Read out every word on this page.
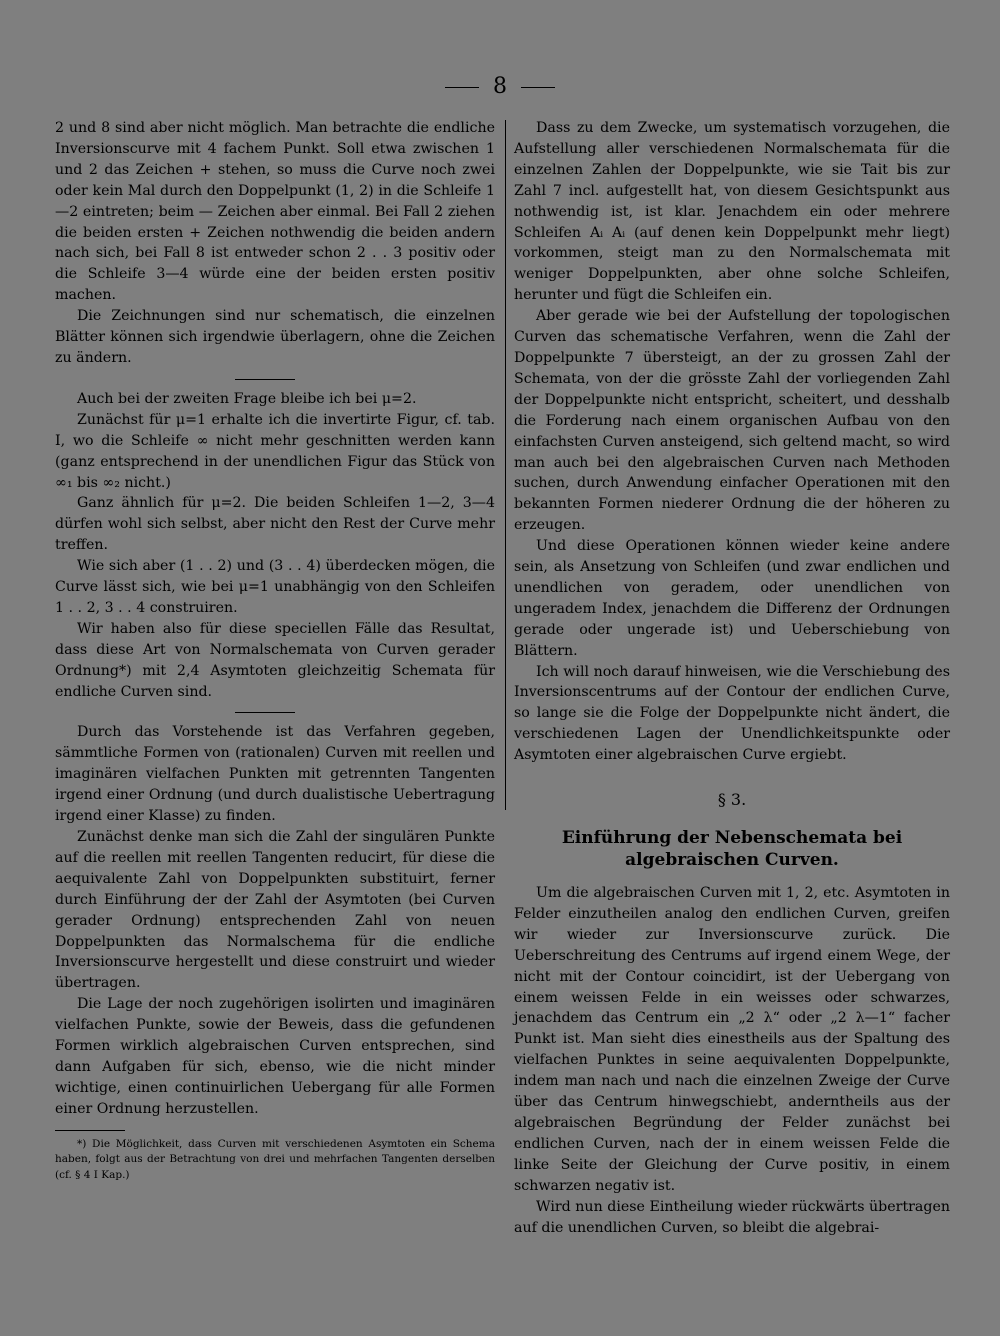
8

2 und 8 sind aber nicht möglich. Man betrachte die endliche Inversionscurve mit 4 fachem Punkt. Soll etwa zwischen 1 und 2 das Zeichen + stehen, so muss die Curve noch zwei oder kein Mal durch den Doppelpunkt (1, 2) in die Schleife 1—2 eintreten; beim — Zeichen aber einmal. Bei Fall 2 ziehen die beiden ersten + Zeichen nothwendig die beiden andern nach sich, bei Fall 8 ist entweder schon 2 . . 3 positiv oder die Schleife 3—4 würde eine der beiden ersten positiv machen.

Die Zeichnungen sind nur schematisch, die einzelnen Blätter können sich irgendwie überlagern, ohne die Zeichen zu ändern.

Auch bei der zweiten Frage bleibe ich bei μ=2.

Zunächst für μ=1 erhalte ich die invertirte Figur, cf. tab. I, wo die Schleife ∞ nicht mehr geschnitten werden kann (ganz entsprechend in der unendlichen Figur das Stück von ∞₁ bis ∞₂ nicht.)

Ganz ähnlich für μ=2. Die beiden Schleifen 1—2, 3—4 dürfen wohl sich selbst, aber nicht den Rest der Curve mehr treffen.

Wie sich aber (1 . . 2) und (3 . . 4) überdecken mögen, die Curve lässt sich, wie bei μ=1 unabhängig von den Schleifen 1 . . 2, 3 . . 4 construiren.

Wir haben also für diese speciellen Fälle das Resultat, dass diese Art von Normalschemata von Curven gerader Ordnung*) mit 2,4 Asymtoten gleichzeitig Schemata für endliche Curven sind.

Durch das Vorstehende ist das Verfahren gegeben, sämmtliche Formen von (rationalen) Curven mit reellen und imaginären vielfachen Punkten mit getrennten Tangenten irgend einer Ordnung (und durch dualistische Uebertragung irgend einer Klasse) zu finden.

Zunächst denke man sich die Zahl der singulären Punkte auf die reellen mit reellen Tangenten reducirt, für diese die aequivalente Zahl von Doppelpunkten substituirt, ferner durch Einführung der der Zahl der Asymtoten (bei Curven gerader Ordnung) entsprechenden Zahl von neuen Doppelpunkten das Normalschema für die endliche Inversionscurve hergestellt und diese construirt und wieder übertragen.

Die Lage der noch zugehörigen isolirten und imaginären vielfachen Punkte, sowie der Beweis, dass die gefundenen Formen wirklich algebraischen Curven entsprechen, sind dann Aufgaben für sich, ebenso, wie die nicht minder wichtige, einen continuirlichen Uebergang für alle Formen einer Ordnung herzustellen.

*) Die Möglichkeit, dass Curven mit verschiedenen Asymtoten ein Schema haben, folgt aus der Betrachtung von drei und mehrfachen Tangenten derselben (cf. § 4 I Kap.)

Dass zu dem Zwecke, um systematisch vorzugehen, die Aufstellung aller verschiedenen Normalschemata für die einzelnen Zahlen der Doppelpunkte, wie sie Tait bis zur Zahl 7 incl. aufgestellt hat, von diesem Gesichtspunkt aus nothwendig ist, ist klar. Jenachdem ein oder mehrere Schleifen Aᵢ Aᵢ (auf denen kein Doppelpunkt mehr liegt) vorkommen, steigt man zu den Normalschemata mit weniger Doppelpunkten, aber ohne solche Schleifen, herunter und fügt die Schleifen ein.

Aber gerade wie bei der Aufstellung der topologischen Curven das schematische Verfahren, wenn die Zahl der Doppelpunkte 7 übersteigt, an der zu grossen Zahl der Schemata, von der die grösste Zahl der vorliegenden Zahl der Doppelpunkte nicht entspricht, scheitert, und desshalb die Forderung nach einem organischen Aufbau von den einfachsten Curven ansteigend, sich geltend macht, so wird man auch bei den algebraischen Curven nach Methoden suchen, durch Anwendung einfacher Operationen mit den bekannten Formen niederer Ordnung die der höheren zu erzeugen.

Und diese Operationen können wieder keine andere sein, als Ansetzung von Schleifen (und zwar endlichen und unendlichen von geradem, oder unendlichen von ungeradem Index, jenachdem die Differenz der Ordnungen gerade oder ungerade ist) und Ueberschiebung von Blättern.

Ich will noch darauf hinweisen, wie die Verschiebung des Inversionscentrums auf der Contour der endlichen Curve, so lange sie die Folge der Doppelpunkte nicht ändert, die verschiedenen Lagen der Unendlichkeitspunkte oder Asymtoten einer algebraischen Curve ergiebt.

§ 3.
Einführung der Nebenschemata bei
algebraischen Curven.

Um die algebraischen Curven mit 1, 2, etc. Asymtoten in Felder einzutheilen analog den endlichen Curven, greifen wir wieder zur Inversionscurve zurück. Die Ueberschreitung des Centrums auf irgend einem Wege, der nicht mit der Contour coincidirt, ist der Uebergang von einem weissen Felde in ein weisses oder schwarzes, jenachdem das Centrum ein „2 λ“ oder „2 λ—1“ facher Punkt ist. Man sieht dies einestheils aus der Spaltung des vielfachen Punktes in seine aequivalenten Doppelpunkte, indem man nach und nach die einzelnen Zweige der Curve über das Centrum hinwegschiebt, anderntheils aus der algebraischen Begründung der Felder zunächst bei endlichen Curven, nach der in einem weissen Felde die linke Seite der Gleichung der Curve positiv, in einem schwarzen negativ ist.

Wird nun diese Eintheilung wieder rückwärts übertragen auf die unendlichen Curven, so bleibt die algebrai-
